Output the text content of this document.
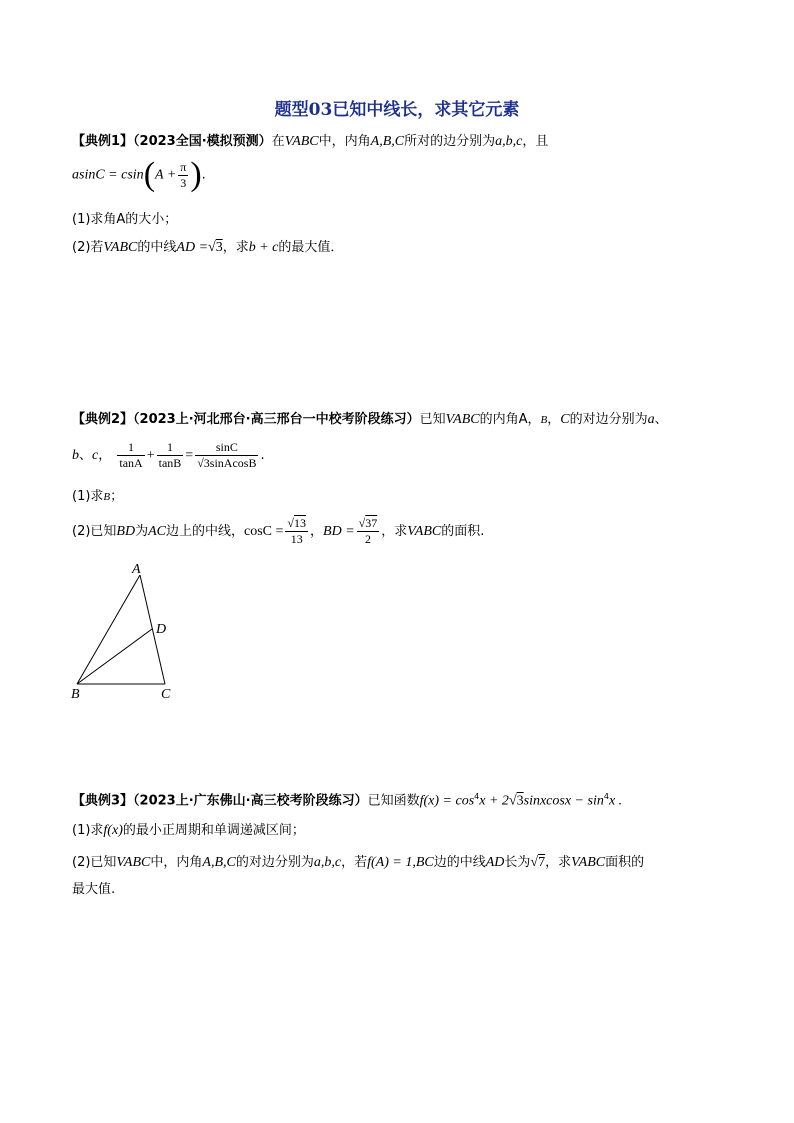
题型03已知中线长，求其它元素
【典例1】（2023全国·模拟预测）在VABC中，内角A,B,C所对的边分别为a,b,c，且
$asinC = csin(A + \frac{\pi}{3}$ ).
(1)求角A的大小；
(2)若VABC的中线AD =√3，求b + c的最大值．
【典例2】（2023上·河北邢台·高三邢台一中校考阶段练习）已知VABC的内角A，B，C的对边分别为a、
b、c， $\frac{1}{\tan A} + \frac{1}{\tan B} = \frac{\sin C}{\text{√3sinAcosB}}$ .
(1)求B；
(2)已知BD为AC边上的中线，$\cos C = \frac{√13}{13}$ ，BD = $\frac{√37}{2}$ ，求VABC的面积.
A
B	C
D
【典例3】（2023上·广东佛山·高三校考阶段练习）已知函数$f(x) = \cos^4x$ + 2√3sinxcosx − $\sin^4x$ .
(1)求f(x)的最小正周期和单调递减区间；
(2)已知VABC中，内角A,B,C的对边分别为a,b,c，若f(A) = 1,BC边的中线AD长为√7，求VABC面积的
最大值.
